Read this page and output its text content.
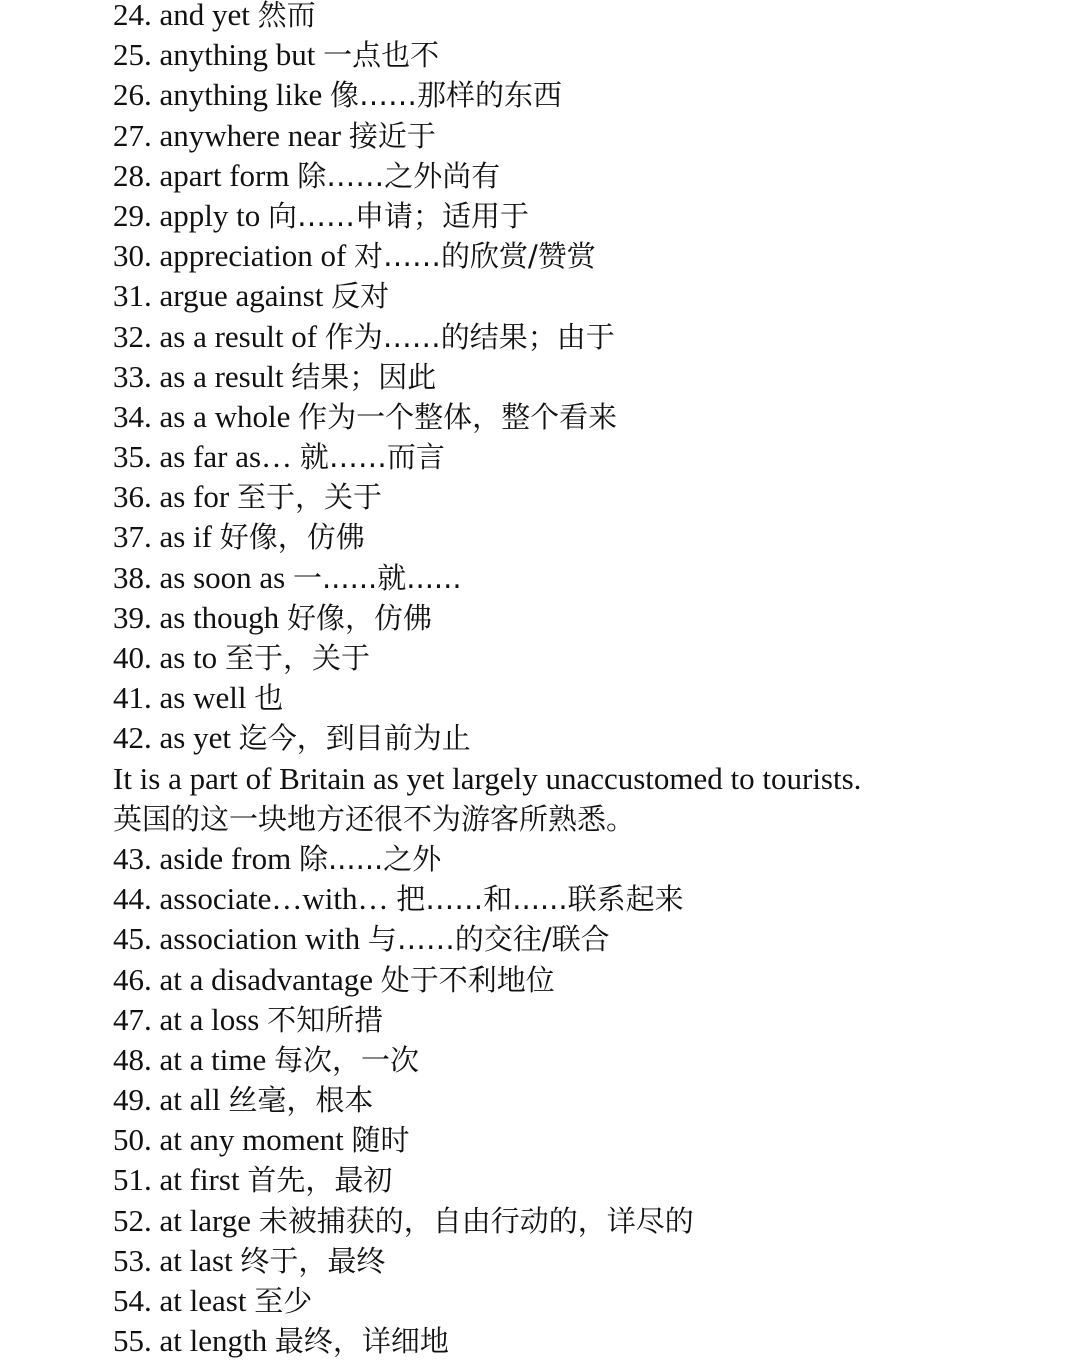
24. and yet 然而
25. anything but 一点也不
26. anything like 像……那样的东西
27. anywhere near 接近于
28. apart form 除……之外尚有
29. apply to 向……申请；适用于
30. appreciation of 对……的欣赏/赞赏
31. argue against 反对
32. as a result of 作为……的结果；由于
33. as a result 结果；因此
34. as a whole 作为一个整体，整个看来
35. as far as… 就……而言
36. as for 至于，关于
37. as if 好像，仿佛
38. as soon as 一......就......
39. as though 好像，仿佛
40. as to 至于，关于
41. as well 也
42. as yet 迄今，到目前为止
It is a part of Britain as yet largely unaccustomed to tourists.
英国的这一块地方还很不为游客所熟悉。
43. aside from 除......之外
44. associate…with… 把……和......联系起来
45. association with 与……的交往/联合
46. at a disadvantage 处于不利地位
47. at a loss 不知所措
48. at a time 每次，一次
49. at all 丝毫，根本
50. at any moment 随时
51. at first 首先，最初
52. at large 未被捕获的，自由行动的，详尽的
53. at last 终于，最终
54. at least 至少
55. at length 最终，详细地
